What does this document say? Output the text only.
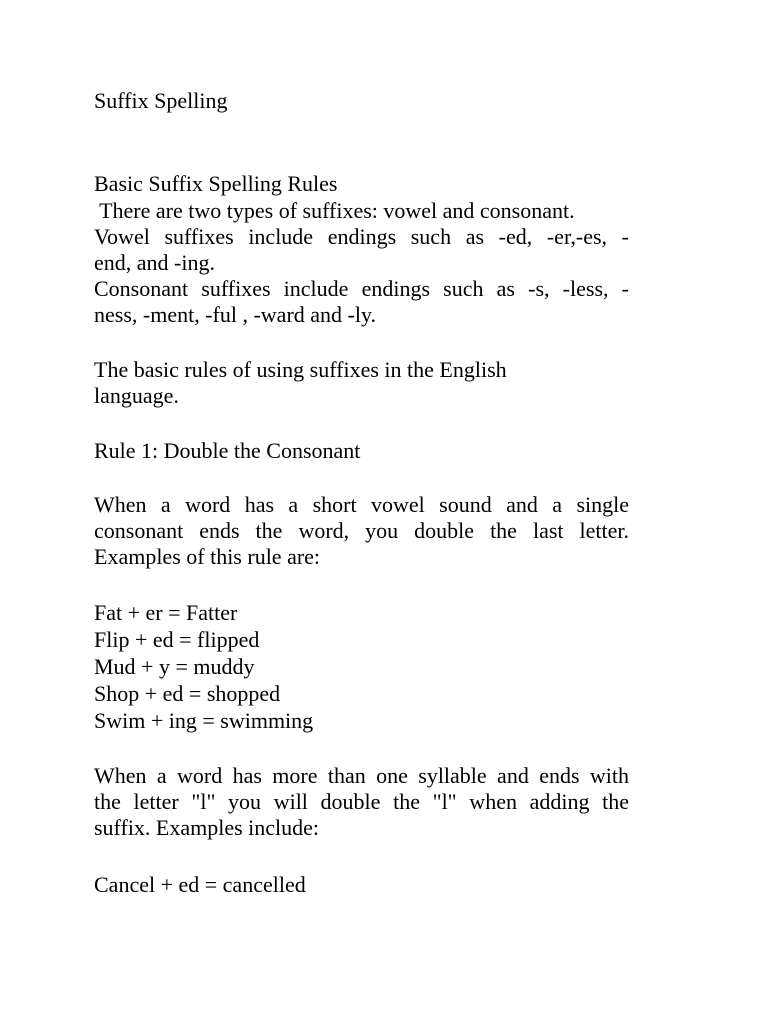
Suffix Spelling
Basic Suffix Spelling Rules
There are two types of suffixes: vowel and consonant.
Vowel suffixes include endings such as -ed, -er,-es, -
end, and -ing.
Consonant suffixes include endings such as -s, -less, -
ness, -ment, -ful , -ward and -ly.
The basic rules of using suffixes in the English
language.
Rule 1: Double the Consonant
When a word has a short vowel sound and a single
consonant ends the word, you double the last letter.
Examples of this rule are:
Fat + er = Fatter
Flip + ed = flipped
Mud + y = muddy
Shop + ed = shopped
Swim + ing = swimming
When a word has more than one syllable and ends with
the letter "l" you will double the "l" when adding the
suffix. Examples include:
Cancel + ed = cancelled
